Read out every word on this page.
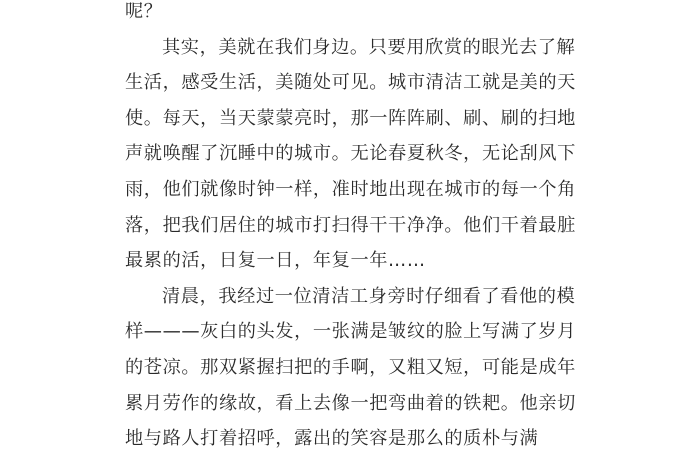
呢？
其实，美就在我们身边。只要用欣赏的眼光去了解
生活，感受生活，美随处可见。城市清洁工就是美的天
使。每天，当天蒙蒙亮时，那一阵阵刷、刷、刷的扫地
声就唤醒了沉睡中的城市。无论春夏秋冬，无论刮风下
雨，他们就像时钟一样，准时地出现在城市的每一个角
落，把我们居住的城市打扫得干干净净。他们干着最脏
最累的活，日复一日，年复一年……
清晨，我经过一位清洁工身旁时仔细看了看他的模
样———灰白的头发，一张满是皱纹的脸上写满了岁月
的苍凉。那双紧握扫把的手啊，又粗又短，可能是成年
累月劳作的缘故，看上去像一把弯曲着的铁耙。他亲切
地与路人打着招呼，露出的笑容是那么的质朴与满
